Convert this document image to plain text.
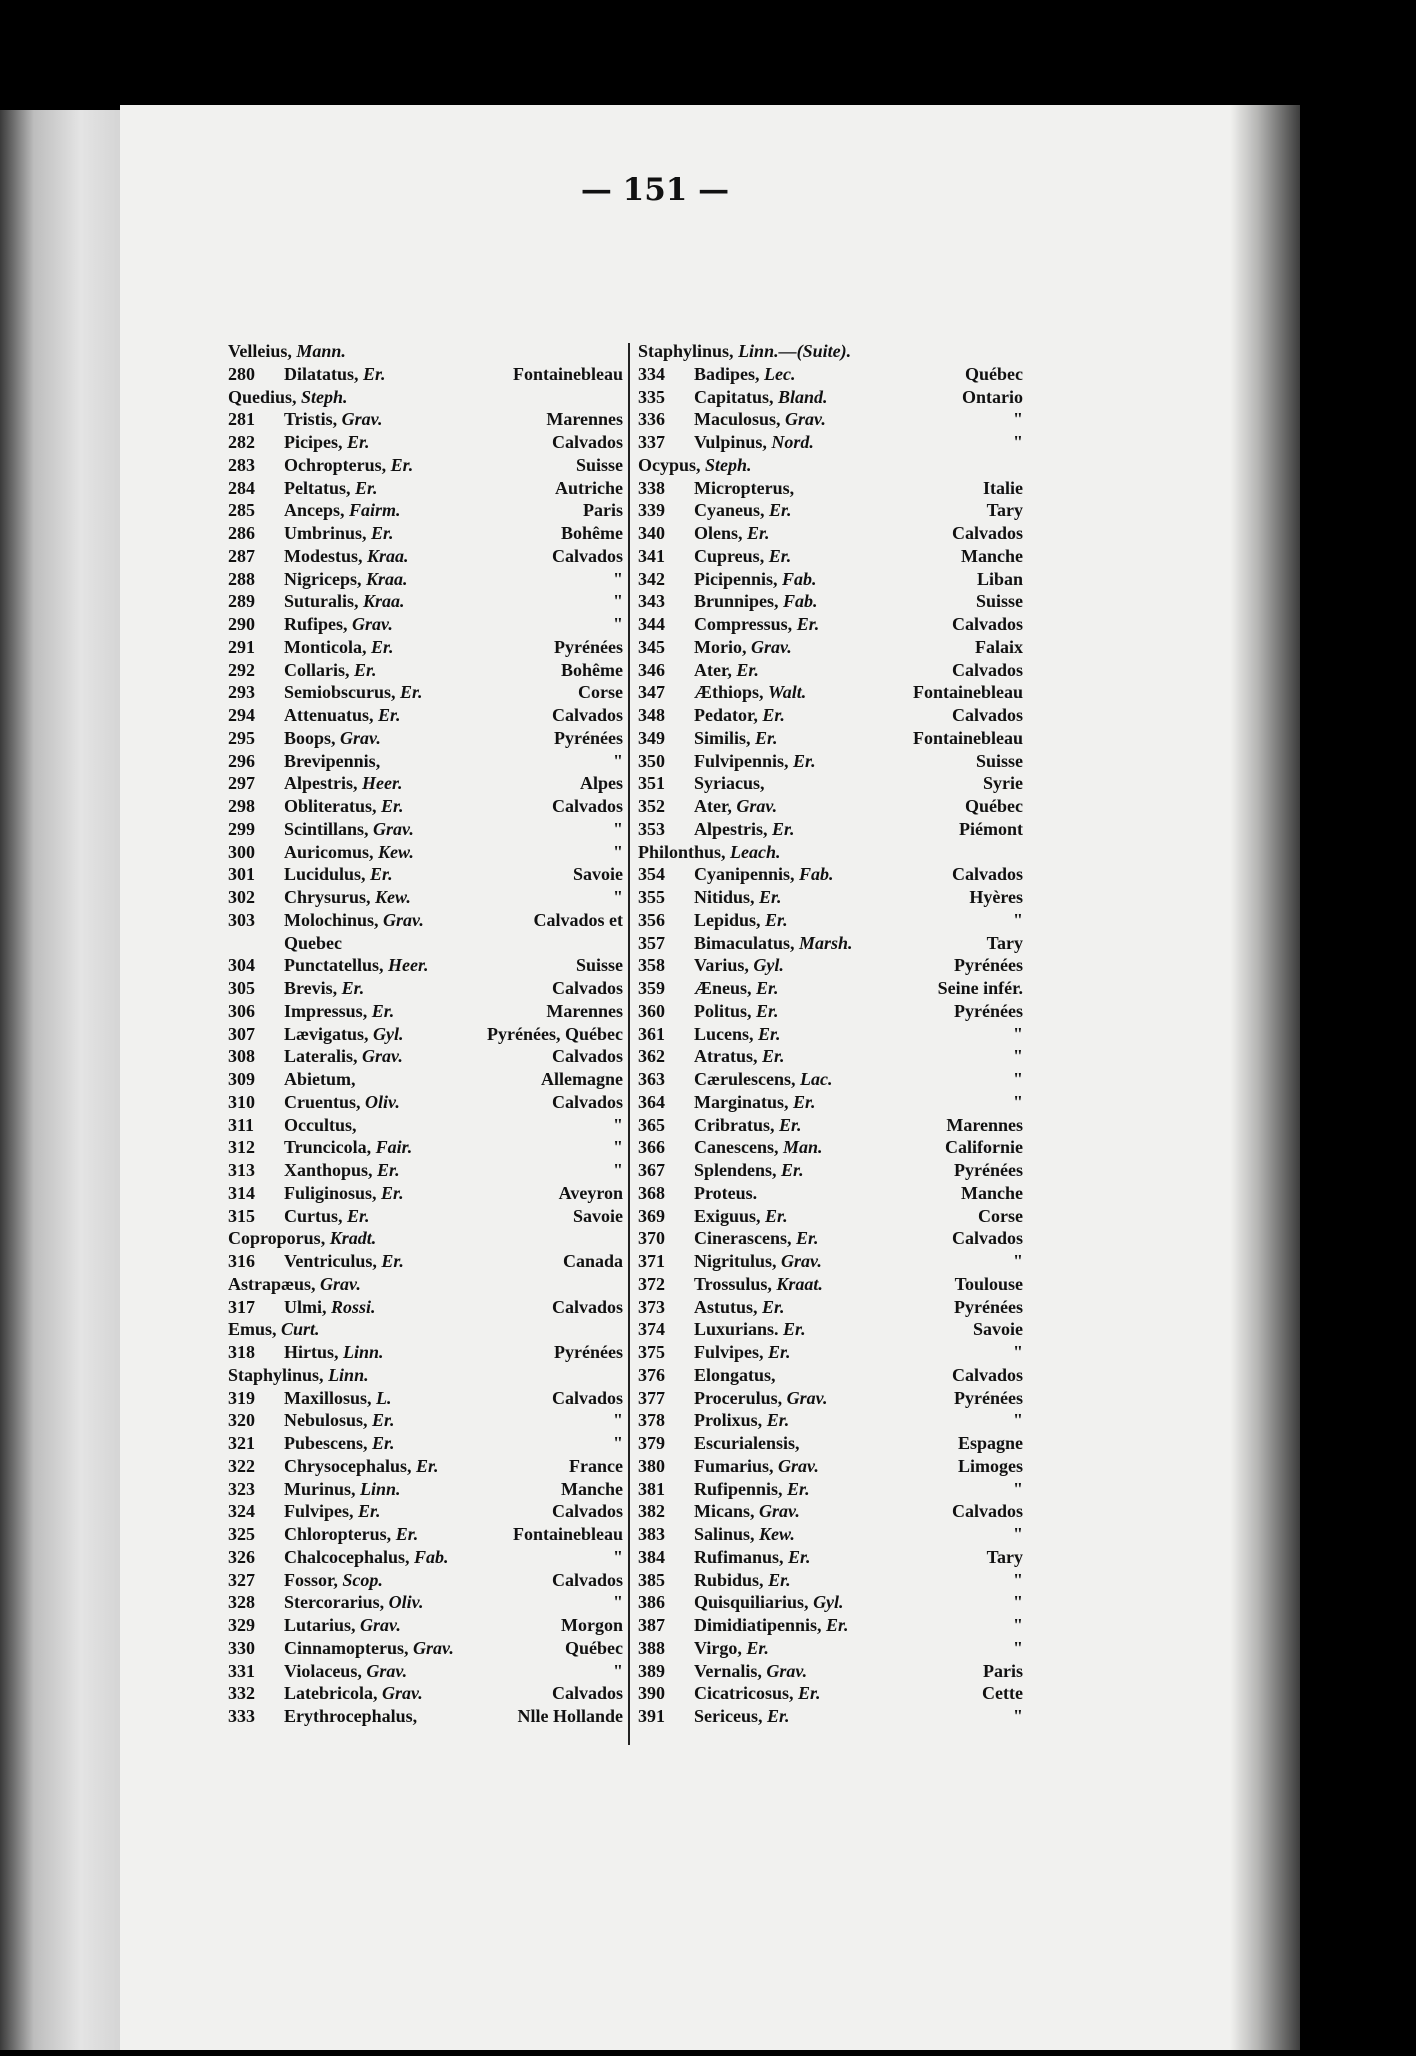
— 151 —
Velleius, Mann.
280 Dilatatus, Er.	Fontainebleau
Quedius, Steph.
281 Tristis, Grav.	Marennes
282 Picipes, Er.	Calvados
283 Ochropterus, Er.	Suisse
284 Peltatus, Er.	Autriche
285 Anceps, Fairm.	Paris
286 Umbrinus, Er.	Bohême
287 Modestus, Kraa.	Calvados
288 Nigriceps, Kraa.	"
289 Suturalis, Kraa.	"
290 Rufipes, Grav.	"
291 Monticola, Er.	Pyrénées
292 Collaris, Er.	Bohême
293 Semiobscurus, Er.	Corse
294 Attenuatus, Er.	Calvados
295 Boops, Grav.	Pyrénées
296 Brevipennis,	"
297 Alpestris, Heer.	Alpes
298 Obliteratus, Er.	Calvados
299 Scintillans, Grav.	"
300 Auricomus, Kew.	"
301 Lucidulus, Er.	Savoie
302 Chrysurus, Kew.	"
303 Molochinus, Grav.	Calvados et
Quebec
304 Punctatellus, Heer.	Suisse
305 Brevis, Er.	Calvados
306 Impressus, Er.	Marennes
307 Lævigatus, Gyl.	Pyrénées, Québec
308 Lateralis, Grav.	Calvados
309 Abietum,	Allemagne
310 Cruentus, Oliv.	Calvados
311 Occultus,	"
312 Truncicola, Fair.	"
313 Xanthopus, Er.	"
314 Fuliginosus, Er.	Aveyron
315 Curtus, Er.	Savoie
Coproporus, Kradt.
316 Ventriculus, Er.	Canada
Astrapæus, Grav.
317 Ulmi, Rossi.	Calvados
Emus, Curt.
318 Hirtus, Linn.	Pyrénées
Staphylinus, Linn.
319 Maxillosus, L.	Calvados
320 Nebulosus, Er.	"
321 Pubescens, Er.	"
322 Chrysocephalus, Er.	France
323 Murinus, Linn.	Manche
324 Fulvipes, Er.	Calvados
325 Chloropterus, Er.	Fontainebleau
326 Chalcocephalus, Fab.	"
327 Fossor, Scop.	Calvados
328 Stercorarius, Oliv.	"
329 Lutarius, Grav.	Morgon
330 Cinnamopterus, Grav.	Québec
331 Violaceus, Grav.	"
332 Latebricola, Grav.	Calvados
333 Erythrocephalus,	Nlle Hollande
Staphylinus, Linn.—(Suite).
334 Badipes, Lec.	Québec
335 Capitatus, Bland.	Ontario
336 Maculosus, Grav.	"
337 Vulpinus, Nord.	"
Ocypus, Steph.
338 Micropterus,	Italie
339 Cyaneus, Er.	Tary
340 Olens, Er.	Calvados
341 Cupreus, Er.	Manche
342 Picipennis, Fab.	Liban
343 Brunnipes, Fab.	Suisse
344 Compressus, Er.	Calvados
345 Morio, Grav.	Falaix
346 Ater, Er.	Calvados
347 Æthiops, Walt.	Fontainebleau
348 Pedator, Er.	Calvados
349 Similis, Er.	Fontainebleau
350 Fulvipennis, Er.	Suisse
351 Syriacus,	Syrie
352 Ater, Grav.	Québec
353 Alpestris, Er.	Piémont
Philonthus, Leach.
354 Cyanipennis, Fab.	Calvados
355 Nitidus, Er.	Hyères
356 Lepidus, Er.	"
357 Bimaculatus, Marsh.	Tary
358 Varius, Gyl.	Pyrénées
359 Æneus, Er.	Seine infér.
360 Politus, Er.	Pyrénées
361 Lucens, Er.	"
362 Atratus, Er.	"
363 Cærulescens, Lac.	"
364 Marginatus, Er.	"
365 Cribratus, Er.	Marennes
366 Canescens, Man.	Californie
367 Splendens, Er.	Pyrénées
368 Proteus.	Manche
369 Exiguus, Er.	Corse
370 Cinerascens, Er.	Calvados
371 Nigritulus, Grav.	"
372 Trossulus, Kraat.	Toulouse
373 Astutus, Er.	Pyrénées
374 Luxurians. Er.	Savoie
375 Fulvipes, Er.	"
376 Elongatus,	Calvados
377 Procerulus, Grav.	Pyrénées
378 Prolixus, Er.	"
379 Escurialensis,	Espagne
380 Fumarius, Grav.	Limoges
381 Rufipennis, Er.	"
382 Micans, Grav.	Calvados
383 Salinus, Kew.	"
384 Rufimanus, Er.	Tary
385 Rubidus, Er.	"
386 Quisquiliarius, Gyl.	"
387 Dimidiatipennis, Er.	"
388 Virgo, Er.	"
389 Vernalis, Grav.	Paris
390 Cicatricosus, Er.	Cette
391 Sericeus, Er.	"
